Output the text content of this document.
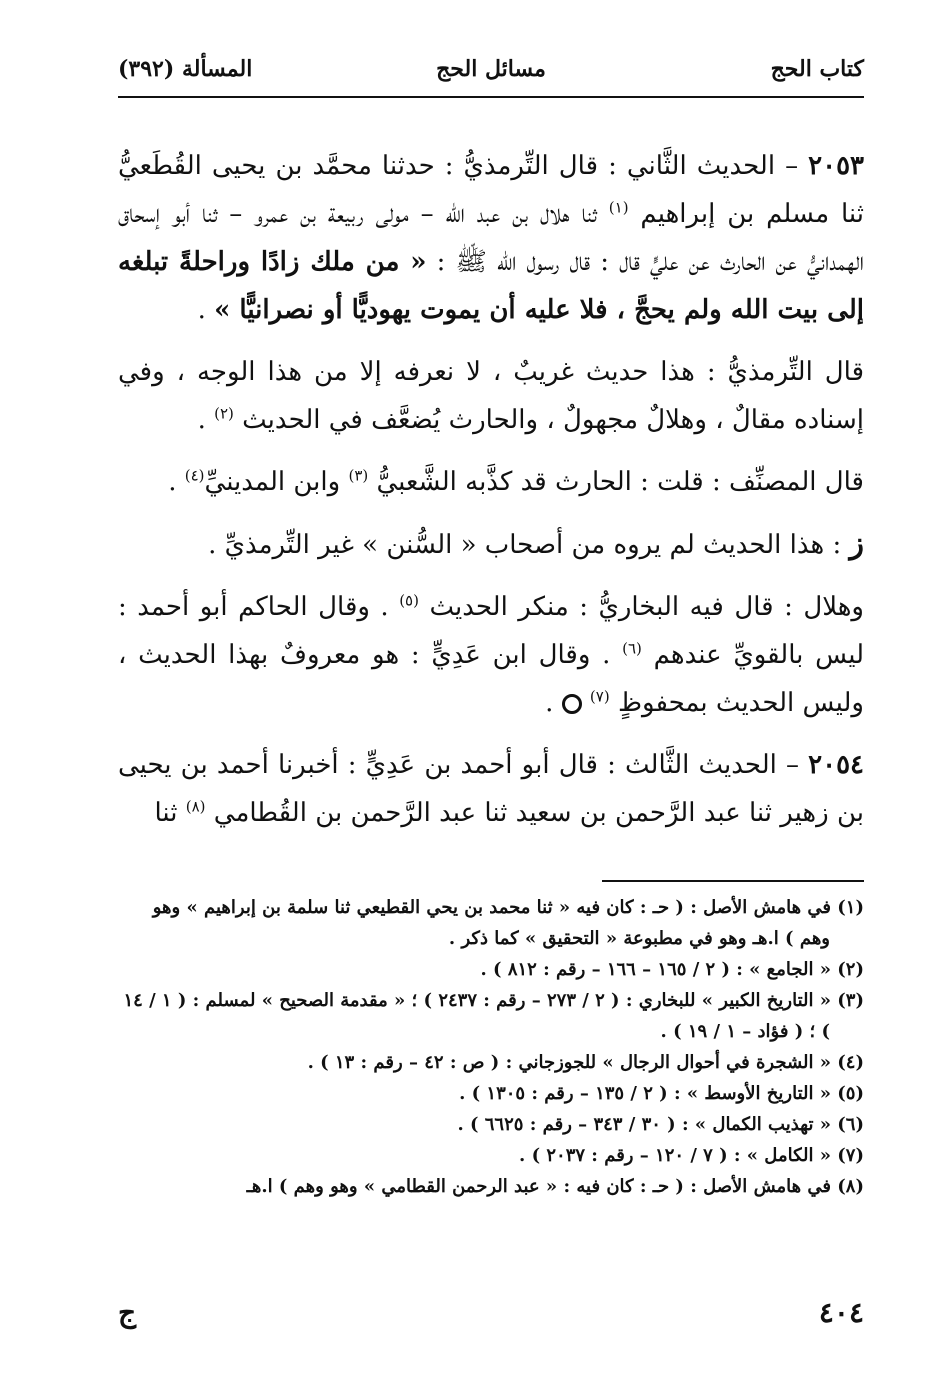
كتاب الحج
مسائل الحج
المسألة (٣٩٢)

٢٠٥٣ – الحديث الثَّاني : قال التِّرمذيُّ : حدثنا محمَّد بن يحيى القُطَعيُّ ثنا مسلم بن إبراهيم $^{(١)}$ ثنا هلال بن عبد الله – مولى ربيعة بن عمرو – ثنا أبو إسحاق الهمدانيُّ عن الحارث عن عليٍّ قال : قال رسول الله ﷺ : « من ملك زادًا وراحلةً تبلغه إلى بيت الله ولم يحجَّ ، فلا عليه أن يموت يهوديًّا أو نصرانيًّا » .

قال التِّرمذيُّ : هذا حديث غريبٌ ، لا نعرفه إلا من هذا الوجه ، وفي إسناده مقالٌ ، وهلالٌ مجهولٌ ، والحارث يُضعَّف في الحديث $^{(٢)}$ .

قال المصنِّف : قلت : الحارث قد كذَّبه الشَّعبيُّ $^{(٣)}$ وابن المدينيِّ$^{(٤)}$ .

ز : هذا الحديث لم يروه من أصحاب « السُّنن » غير التِّرمذيِّ .

وهلال : قال فيه البخاريُّ : منكر الحديث $^{(٥)}$ . وقال الحاكم أبو أحمد : ليس بالقويِّ عندهم $^{(٦)}$ . وقال ابن عَدِيٍّ : هو معروفٌ بهذا الحديث ، وليس الحديث بمحفوظٍ $^{(٧)}$  .

٢٠٥٤ – الحديث الثَّالث : قال أبو أحمد بن عَدِيٍّ : أخبرنا أحمد بن يحيى بن زهير ثنا عبد الرَّحمن بن سعيد ثنا عبد الرَّحمن بن القُطامي $^{(٨)}$ ثنا

(١) في هامش الأصل : ( حـ : كان فيه « ثنا محمد بن يحي القطيعي ثنا سلمة بن إبراهيم » وهو وهم ) ا.هـ وهو في مطبوعة « التحقيق » كما ذكر .

(٢) « الجامع » : ( ٢ / ١٦٥ – ١٦٦ – رقم : ٨١٢ ) .

(٣) « التاريخ الكبير » للبخاري : ( ٢ / ٢٧٣ – رقم : ٢٤٣٧ ) ؛ « مقدمة الصحيح » لمسلم : ( ١ / ١٤ ) ؛ ( فؤاد – ١ / ١٩ ) .

(٤) « الشجرة في أحوال الرجال » للجوزجاني : ( ص : ٤٢ – رقم : ١٣ ) .

(٥) « التاريخ الأوسط » : ( ٢ / ١٣٥ – رقم : ١٣٠٥ ) .

(٦) « تهذيب الكمال » : ( ٣٠ / ٣٤٣ – رقم : ٦٦٢٥ ) .

(٧) « الكامل » : ( ٧ / ١٢٠ – رقم : ٢٠٣٧ ) .

(٨) في هامش الأصل : ( حـ : كان فيه : « عبد الرحمن القطامي » وهو وهم ) ا.هـ

٤٠٤
ج
